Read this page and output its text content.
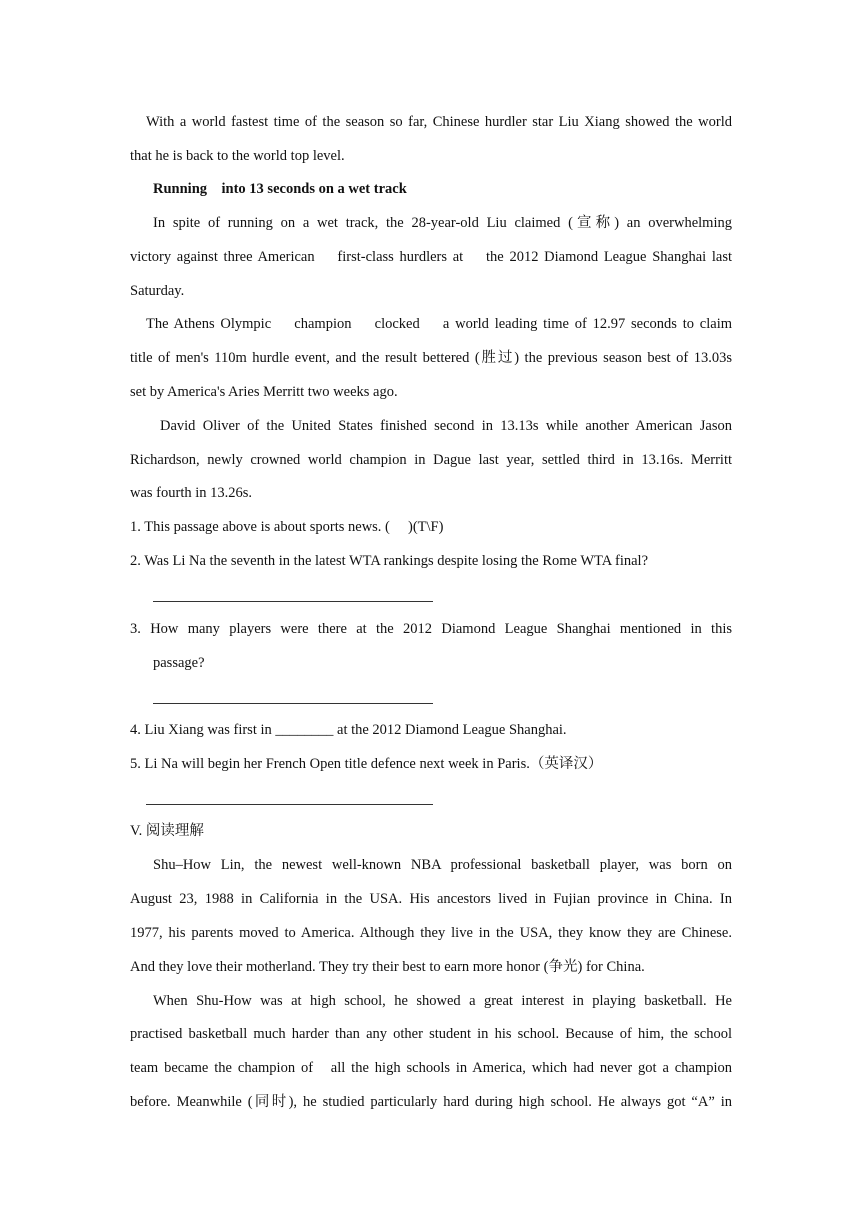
With a world fastest time of the season so far, Chinese hurdler star Liu Xiang showed the world
that he is back to the world top level.
Running    into 13 seconds on a wet track
In spite of running on a wet track, the 28-year-old Liu claimed (宣称) an overwhelming
victory against three American    first-class hurdlers at    the 2012 Diamond League Shanghai last
Saturday.
The Athens Olympic    champion    clocked    a world leading time of 12.97 seconds to claim
title of men's 110m hurdle event, and the result bettered (胜过) the previous season best of 13.03s
set by America's Aries Merritt two weeks ago.
David Oliver of the United States finished second in 13.13s while another American Jason
Richardson, newly crowned world champion in Dague last year, settled third in 13.16s. Merritt
was fourth in 13.26s.
1. This passage above is about sports news. (     )(T\F)
2. Was Li Na the seventh in the latest WTA rankings despite losing the Rome WTA final?
3. How many players were there at the 2012 Diamond League Shanghai mentioned in this
passage?
4. Liu Xiang was first in ________ at the 2012 Diamond League Shanghai.
5. Li Na will begin her French Open title defence next week in Paris.（英译汉）
V. 阅读理解
Shu–How Lin, the newest well-known NBA professional basketball player, was born on
August 23, 1988 in California in the USA. His ancestors lived in Fujian province in China. In
1977, his parents moved to America. Although they live in the USA, they know they are Chinese.
And they love their motherland. They try their best to earn more honor (争光) for China.
When Shu-How was at high school, he showed a great interest in playing basketball. He
practised basketball much harder than any other student in his school. Because of him, the school
team became the champion of   all the high schools in America, which had never got a champion
before. Meanwhile (同时), he studied particularly hard during high school. He always got “A” in
